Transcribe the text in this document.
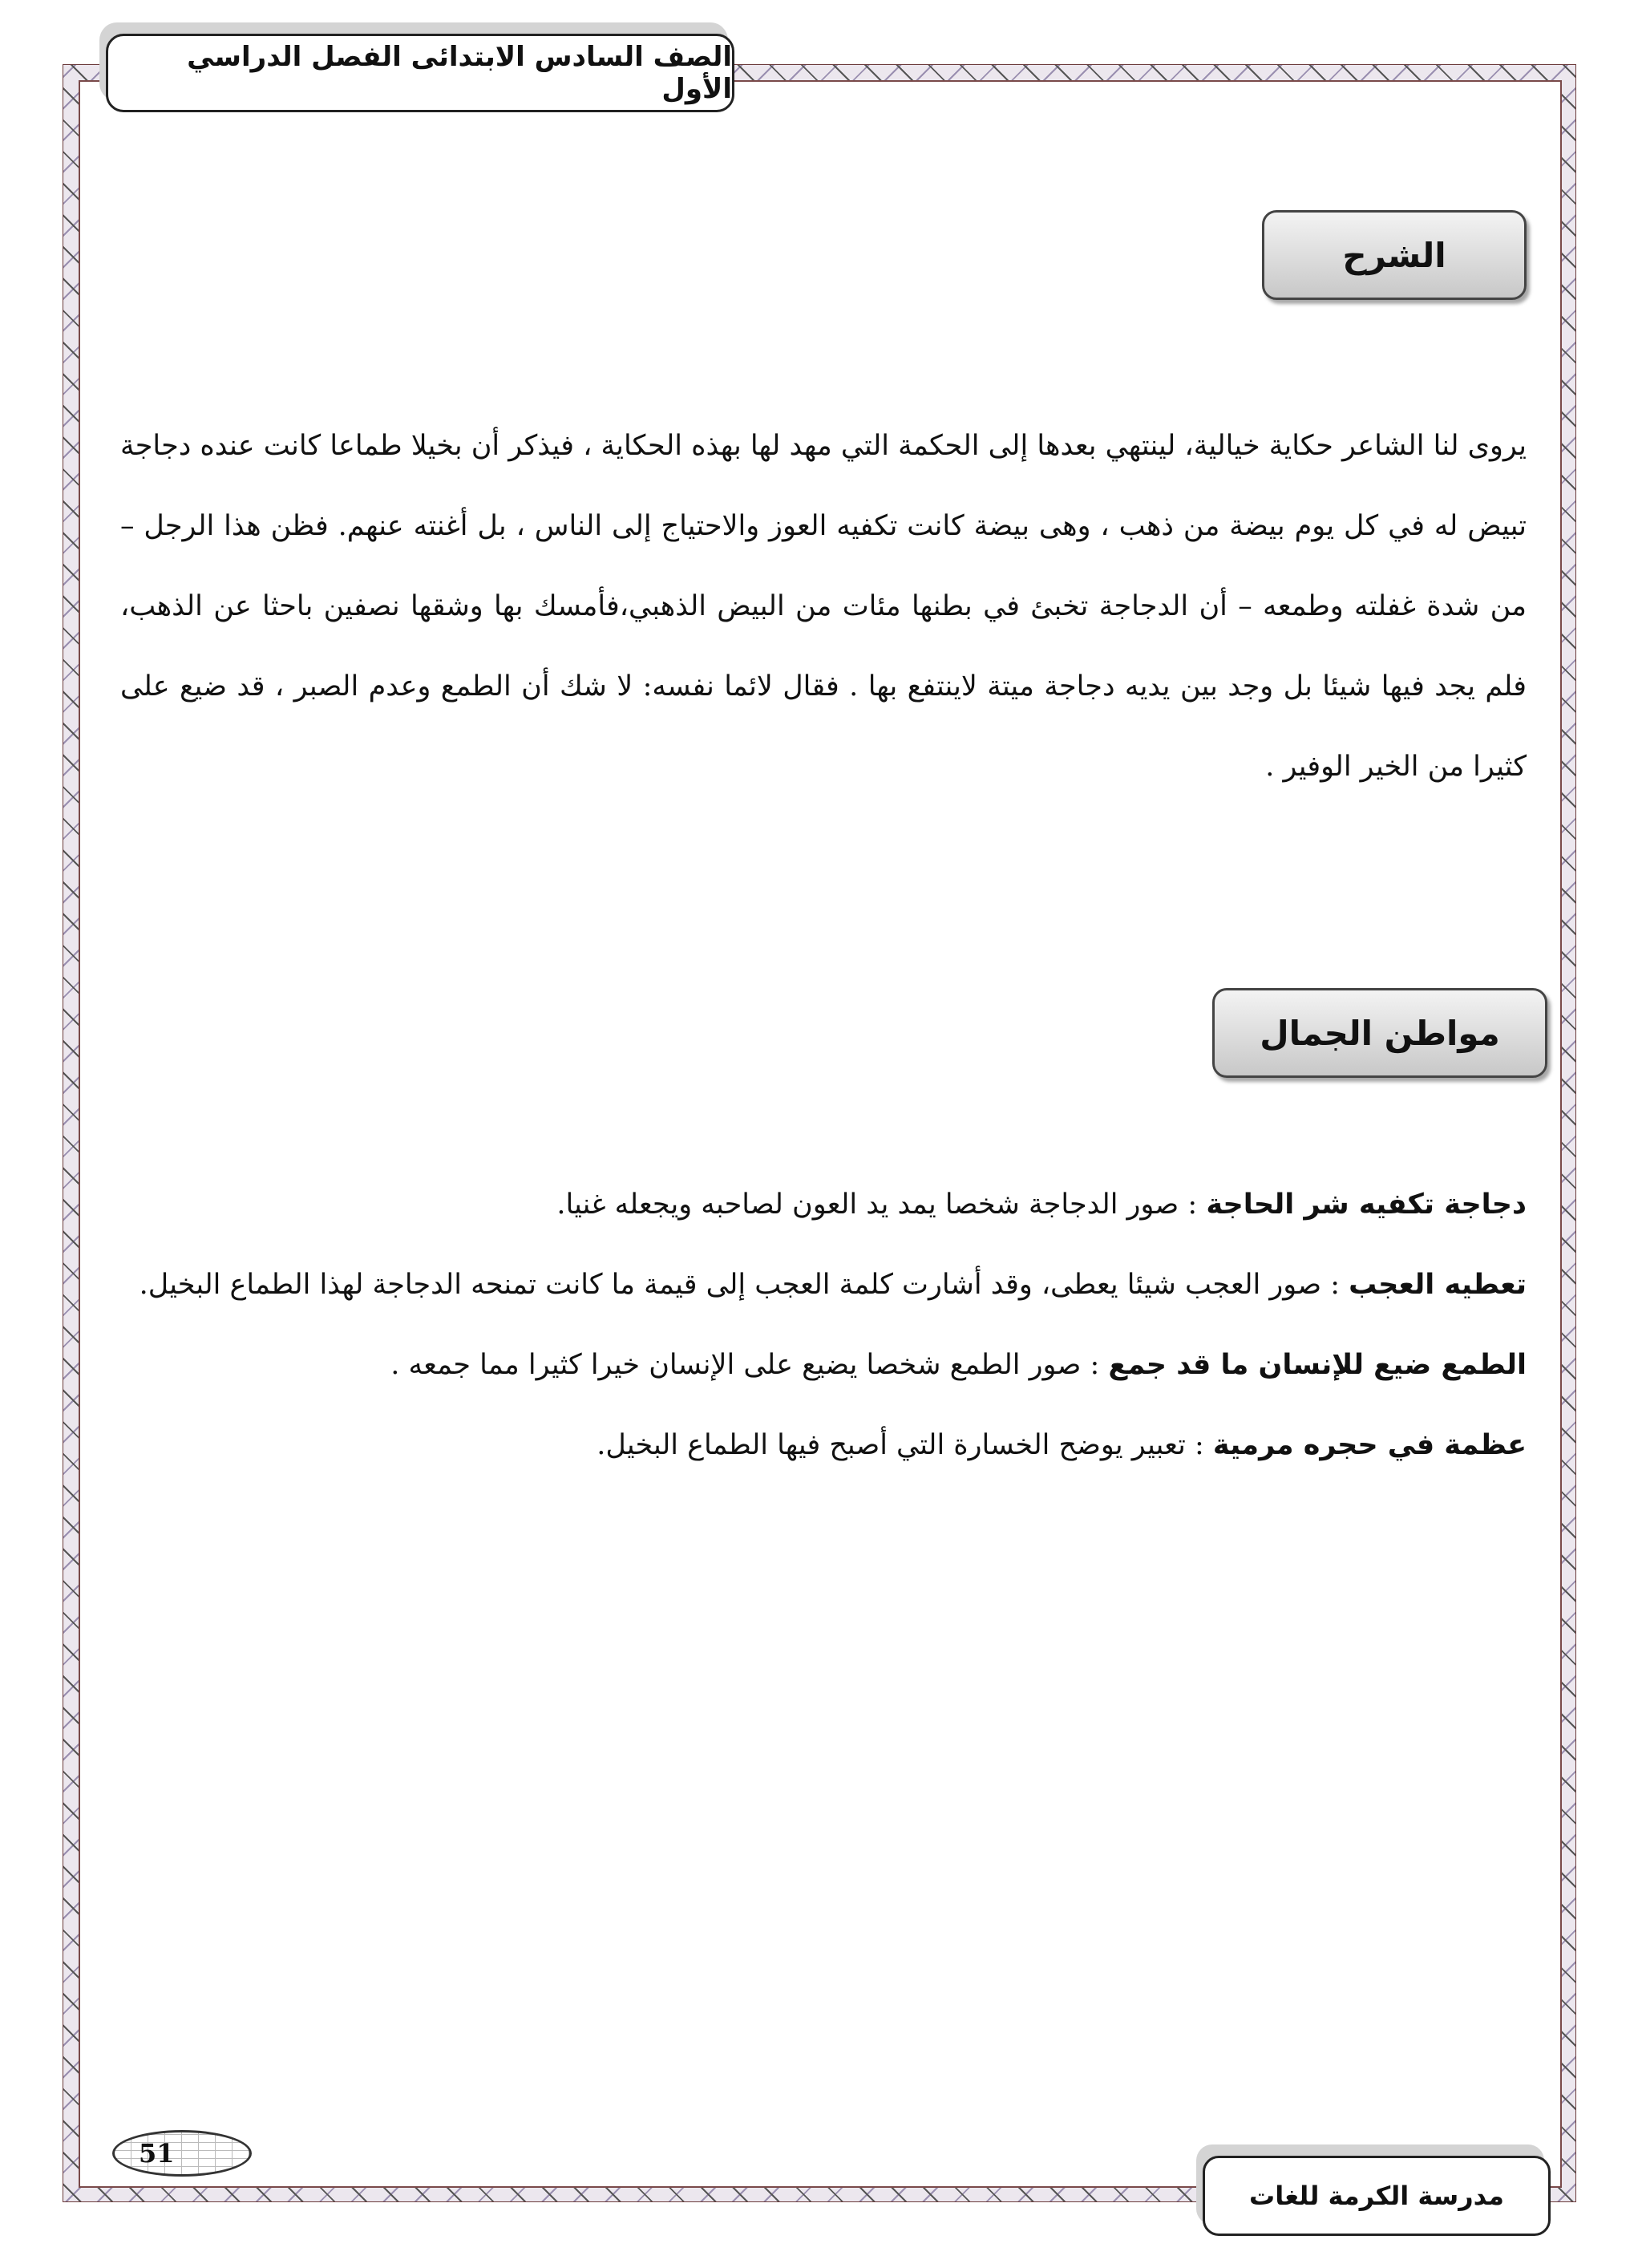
الصف السادس الابتدائى الفصل الدراسي الأول
الشرح

يروى لنا الشاعر حكاية خيالية، لينتهي بعدها إلى الحكمة التي مهد لها بهذه الحكاية ، فيذكر أن بخيلا طماعا كانت عنده دجاجة تبيض له في كل يوم بيضة من ذهب ، وهى بيضة كانت تكفيه العوز والاحتياج إلى الناس ، بل أغنته عنهم. فظن هذا الرجل – من شدة غفلته وطمعه – أن الدجاجة تخبئ في بطنها مئات من البيض الذهبي،فأمسك بها وشقها نصفين باحثا عن الذهب، فلم يجد فيها شيئا بل وجد بين يديه دجاجة ميتة لاينتفع بها . فقال لائما نفسه: لا شك أن الطمع وعدم الصبر ، قد ضيع على كثيرا من الخير الوفير .

مواطن الجمال

دجاجة تكفيه شر الحاجة : صور الدجاجة شخصا يمد يد العون لصاحبه ويجعله غنيا.

تعطيه العجب : صور العجب شيئا يعطى، وقد أشارت كلمة العجب إلى قيمة ما كانت تمنحه الدجاجة لهذا الطماع البخيل.

الطمع ضيع للإنسان ما قد جمع : صور الطمع شخصا يضيع على الإنسان خيرا كثيرا مما جمعه .

عظمة في حجره مرمية : تعبير يوضح الخسارة التي أصبح فيها الطماع البخيل.

51
مدرسة الكرمة للغات
